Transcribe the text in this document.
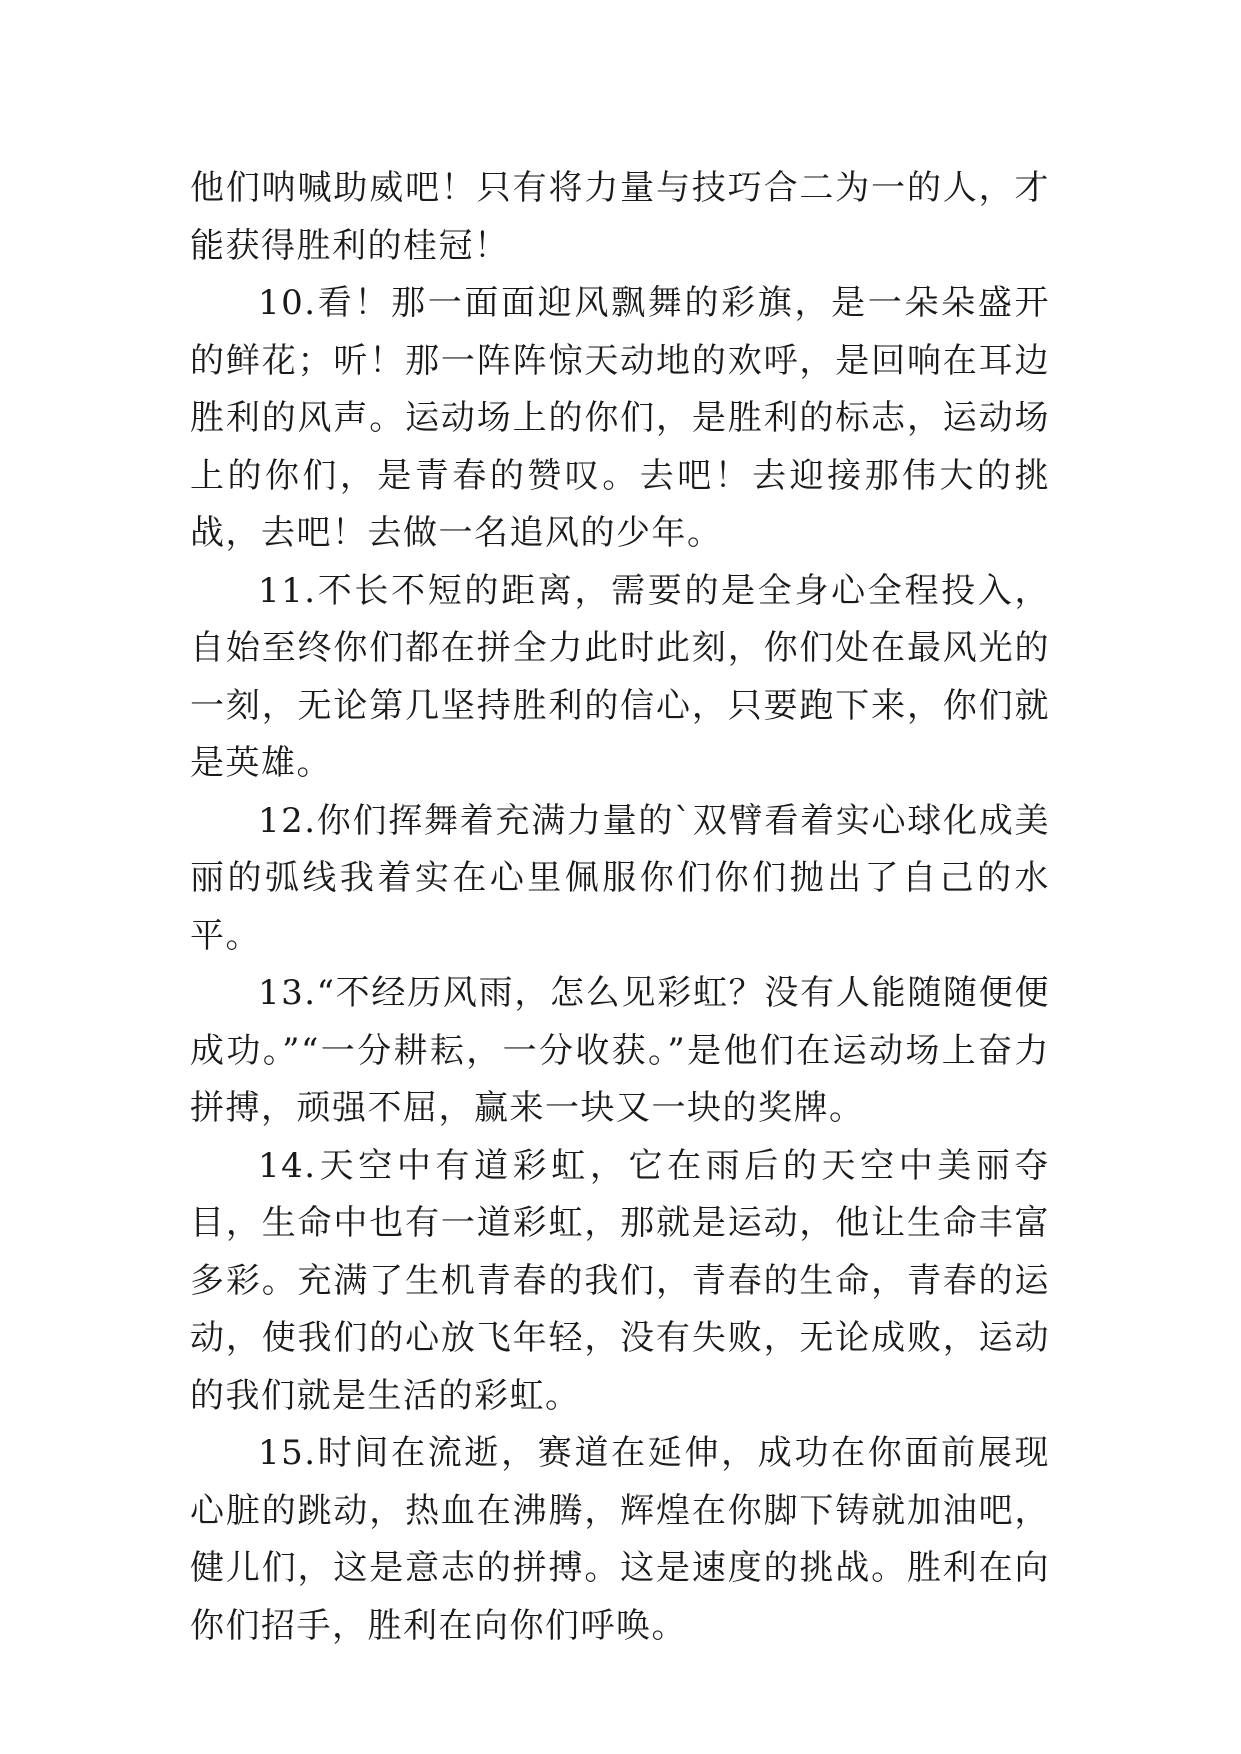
他们呐喊助威吧！只有将力量与技巧合二为一的人，才能获得胜利的桂冠！

10.看！那一面面迎风飘舞的彩旗，是一朵朵盛开的鲜花；听！那一阵阵惊天动地的欢呼，是回响在耳边胜利的风声。运动场上的你们，是胜利的标志，运动场上的你们，是青春的赞叹。去吧！去迎接那伟大的挑战，去吧！去做一名追风的少年。

11.不长不短的距离，需要的是全身心全程投入，自始至终你们都在拼全力此时此刻，你们处在最风光的一刻，无论第几坚持胜利的信心，只要跑下来，你们就是英雄。

12.你们挥舞着充满力量的`双臂看着实心球化成美丽的弧线我着实在心里佩服你们你们抛出了自己的水平。

13.“不经历风雨，怎么见彩虹？没有人能随随便便成功。”“一分耕耘，一分收获。”是他们在运动场上奋力拼搏，顽强不屈，赢来一块又一块的奖牌。

14.天空中有道彩虹，它在雨后的天空中美丽夺目，生命中也有一道彩虹，那就是运动，他让生命丰富多彩。充满了生机青春的我们，青春的生命，青春的运动，使我们的心放飞年轻，没有失败，无论成败，运动的我们就是生活的彩虹。

15.时间在流逝，赛道在延伸，成功在你面前展现心脏的跳动，热血在沸腾，辉煌在你脚下铸就加油吧，健儿们，这是意志的拼搏。这是速度的挑战。胜利在向你们招手，胜利在向你们呼唤。
